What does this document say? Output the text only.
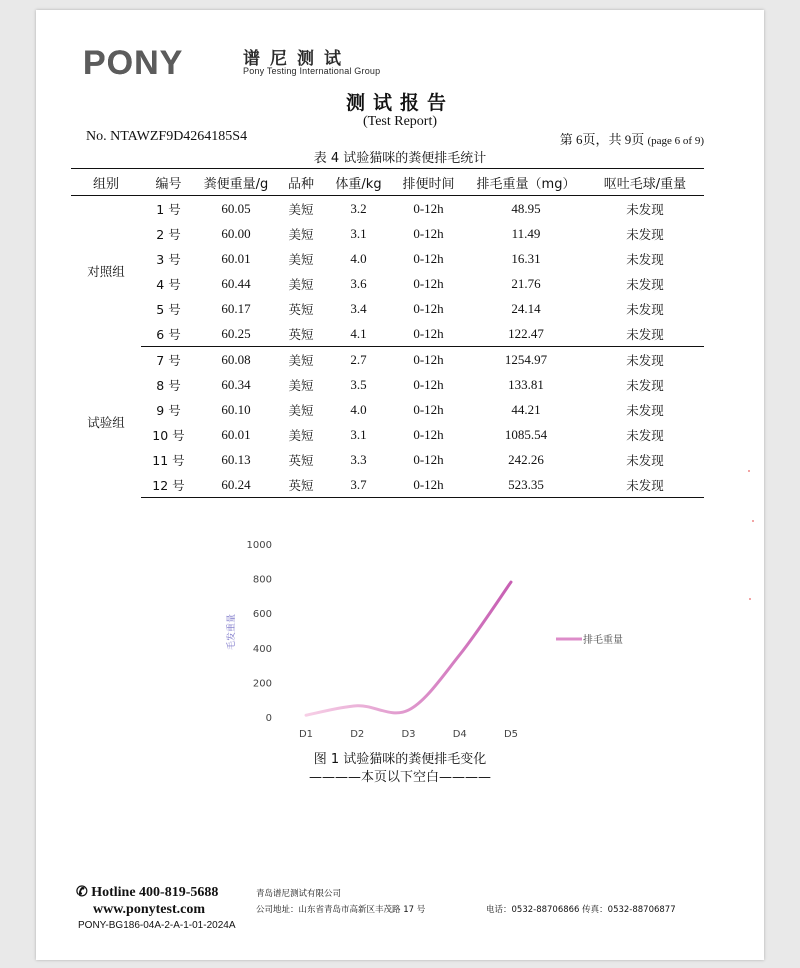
PONY	谱尼测试
Pony Testing International Group
测试报告
(Test Report)
No. NTAWZF9D4264185S4	第 6页，共 9页 (page 6 of 9)
表 4 试验猫咪的粪便排毛统计
组别	编号	粪便重量/g	品种	体重/kg	排便时间	排毛重量（mg）	呕吐毛球/重量
对照组	1 号	60.05	美短	3.2	0-12h	48.95	未发现
	2 号	60.00	美短	3.1	0-12h	11.49	未发现
	3 号	60.01	美短	4.0	0-12h	16.31	未发现
	4 号	60.44	美短	3.6	0-12h	21.76	未发现
	5 号	60.17	英短	3.4	0-12h	24.14	未发现
	6 号	60.25	英短	4.1	0-12h	122.47	未发现
试验组	7 号	60.08	美短	2.7	0-12h	1254.97	未发现
	8 号	60.34	美短	3.5	0-12h	133.81	未发现
	9 号	60.10	美短	4.0	0-12h	44.21	未发现
	10 号	60.01	美短	3.1	0-12h	1085.54	未发现
	11 号	60.13	英短	3.3	0-12h	242.26	未发现
	12 号	60.24	英短	3.7	0-12h	523.35	未发现
0
200
400
600
800
1000
D1	D2	D3	D4	D5
毛发重量	排毛重量
图 1 试验猫咪的粪便排毛变化
————本页以下空白————
✆ Hotline 400-819-5688
www.ponytest.com
PONY-BG186-04A-2-A-1-01-2024A
青岛谱尼测试有限公司
公司地址：山东省青岛市高新区丰茂路 17 号	电话：0532-88706866 传真：0532-88706877
